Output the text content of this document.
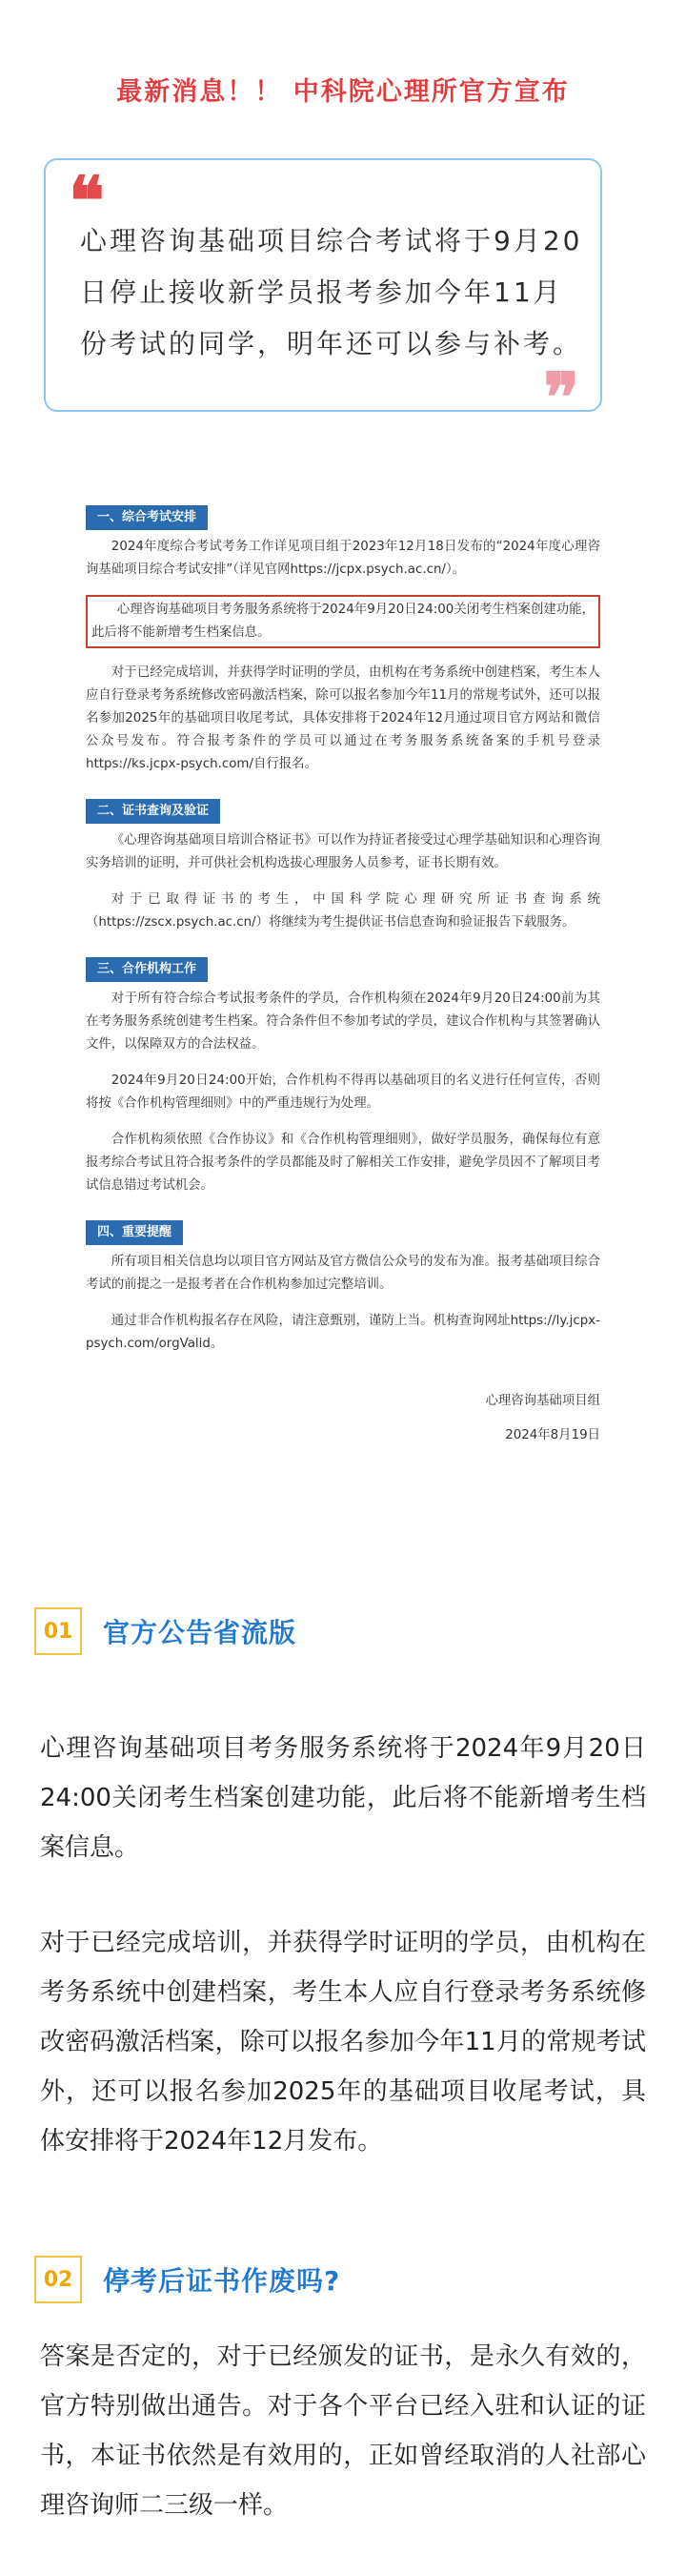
最新消息！！ 中科院心理所官方宣布
❝
心理咨询基础项目综合考试将于9月20日停止接收新学员报考参加今年11月份考试的同学，明年还可以参与补考。
❞
一、综合考试安排

2024年度综合考试考务工作详见项目组于2023年12月18日发布的“2024年度心理咨询基础项目综合考试安排”（详见官网https://jcpx.psych.ac.cn/）。

心理咨询基础项目考务服务系统将于2024年9月20日24:00关闭考生档案创建功能，此后将不能新增考生档案信息。

对于已经完成培训，并获得学时证明的学员，由机构在考务系统中创建档案，考生本人应自行登录考务系统修改密码激活档案，除可以报名参加今年11月的常规考试外，还可以报名参加2025年的基础项目收尾考试，具体安排将于2024年12月通过项目官方网站和微信公众号发布。符合报考条件的学员可以通过在考务服务系统备案的手机号登录https://ks.jcpx-psych.com/自行报名。

二、证书查询及验证

《心理咨询基础项目培训合格证书》可以作为持证者接受过心理学基础知识和心理咨询实务培训的证明，并可供社会机构选拔心理服务人员参考，证书长期有效。

对于已取得证书的考生，中国科学院心理研究所证书查询系统（https://zscx.psych.ac.cn/）将继续为考生提供证书信息查询和验证报告下载服务。

三、合作机构工作

对于所有符合综合考试报考条件的学员，合作机构须在2024年9月20日24:00前为其在考务服务系统创建考生档案。符合条件但不参加考试的学员，建议合作机构与其签署确认文件，以保障双方的合法权益。

2024年9月20日24:00开始，合作机构不得再以基础项目的名义进行任何宣传，否则将按《合作机构管理细则》中的严重违规行为处理。

合作机构须依照《合作协议》和《合作机构管理细则》，做好学员服务，确保每位有意报考综合考试且符合报考条件的学员都能及时了解相关工作安排，避免学员因不了解项目考试信息错过考试机会。

四、重要提醒

所有项目相关信息均以项目官方网站及官方微信公众号的发布为准。报考基础项目综合考试的前提之一是报考者在合作机构参加过完整培训。

通过非合作机构报名存在风险，请注意甄别，谨防上当。机构查询网址https://ly.jcpx-psych.com/orgValid。

心理咨询基础项目组
2024年8月19日
01	官方公告省流版

心理咨询基础项目考务服务系统将于2024年9月20日24:00关闭考生档案创建功能，此后将不能新增考生档案信息。

对于已经完成培训，并获得学时证明的学员，由机构在考务系统中创建档案，考生本人应自行登录考务系统修改密码激活档案，除可以报名参加今年11月的常规考试外，还可以报名参加2025年的基础项目收尾考试，具体安排将于2024年12月发布。

02	停考后证书作废吗?

答案是否定的，对于已经颁发的证书，是永久有效的，官方特别做出通告。对于各个平台已经入驻和认证的证书，本证书依然是有效用的，正如曾经取消的人社部心理咨询师二三级一样。
